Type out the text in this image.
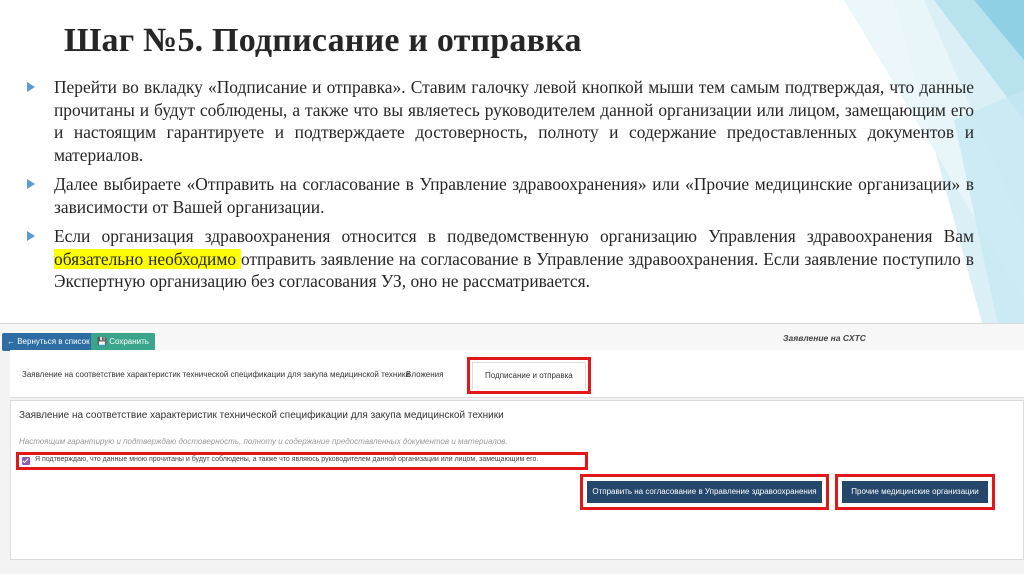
Шаг №5. Подписание и отправка
Перейти во вкладку «Подписание и отправка». Ставим галочку левой кнопкой мыши тем самым подтверждая, что данные прочитаны и будут соблюдены, а также что вы являетесь руководителем данной организации или лицом, замещающим его и настоящим гарантируете и подтверждаете достоверность, полноту и содержание предоставленных документов и материалов.
Далее выбираете «Отправить на согласование в Управление здравоохранения» или «Прочие медицинские организации» в зависимости от Вашей организации.
Если организация здравоохранения относится в подведомственную организацию Управления здравоохранения Вам обязательно необходимо отправить заявление на согласование в Управление здравоохранения. Если заявление поступило в Экспертную организацию без согласования УЗ, оно не рассматривается.
← Вернуться в список 💾 Сохранить	Заявление на СХТС
Заявление на соответствие характеристик технической спецификации для закупа медицинской техники
Вложения	Подписание и отправка
Заявление на соответствие характеристик технической спецификации для закупа медицинской техники
Настоящим гарантирую и подтверждаю достоверность, полноту и содержание предоставленных документов и материалов.
Я подтверждаю, что данные мною прочитаны и будут соблюдены, а также что являюсь руководителем данной организации или лицом, замещающим его.
Отправить на согласование в Управление здравоохранения	Прочие медицинские организации
